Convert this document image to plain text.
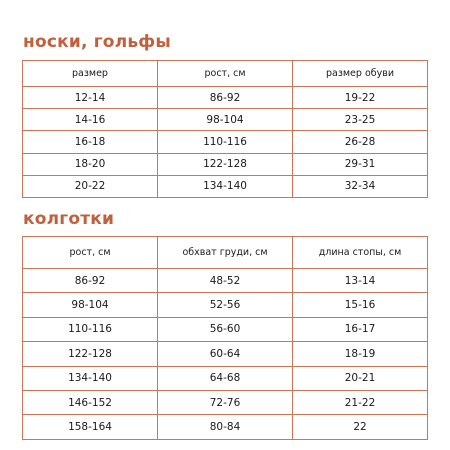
носки, гольфы
размер	рост, см	размер обуви
12-14	86-92	19-22
14-16	98-104	23-25
16-18	110-116	26-28
18-20	122-128	29-31
20-22	134-140	32-34
колготки
рост, см	обхват груди, см	длина стопы, см
86-92	48-52	13-14
98-104	52-56	15-16
110-116	56-60	16-17
122-128	60-64	18-19
134-140	64-68	20-21
146-152	72-76	21-22
158-164	80-84	22
